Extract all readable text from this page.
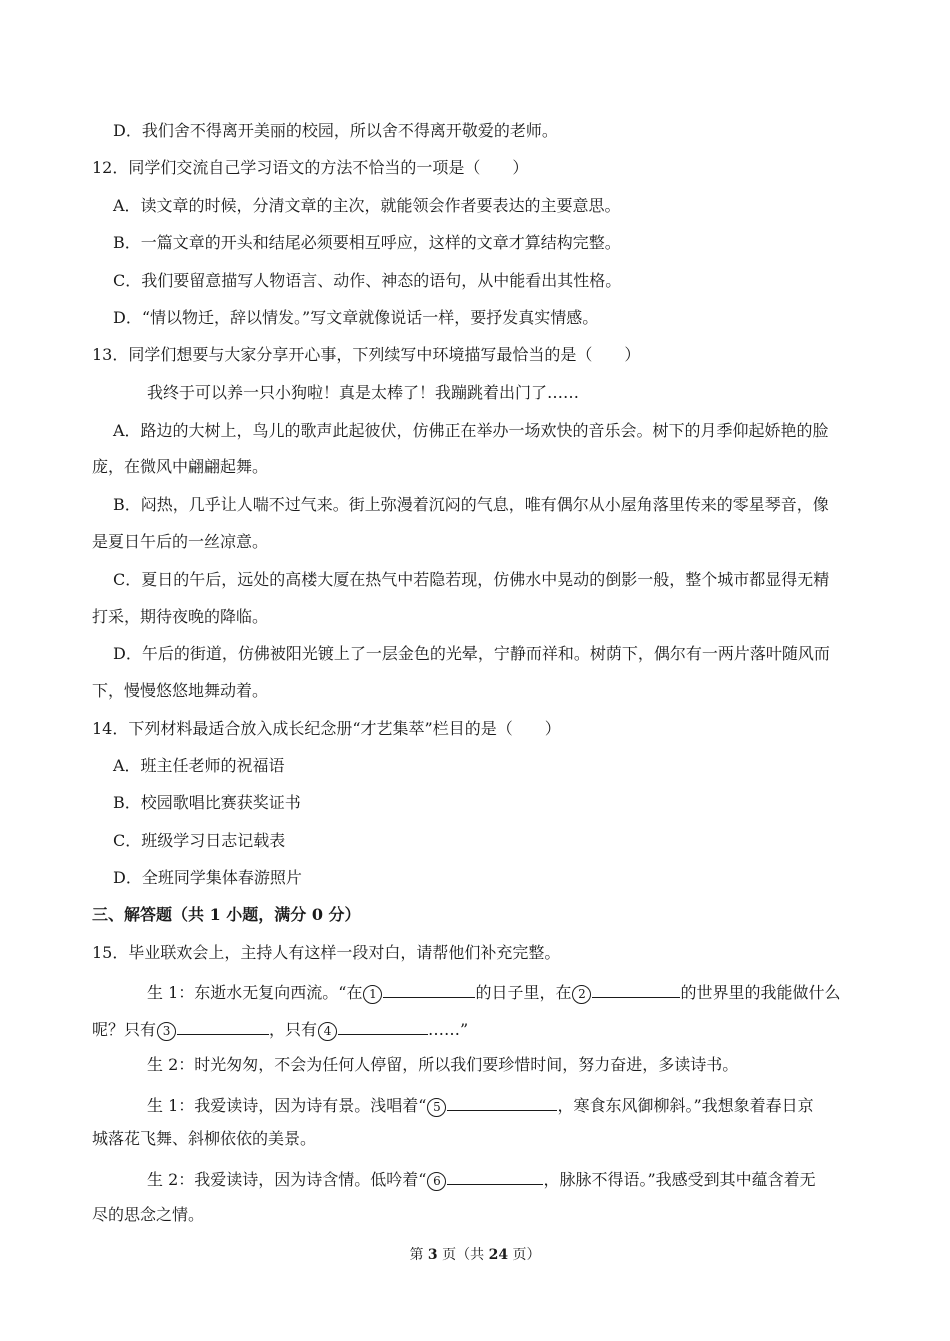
D．我们舍不得离开美丽的校园，所以舍不得离开敬爱的老师。
12．同学们交流自己学习语文的方法不恰当的一项是（　　）
A．读文章的时候，分清文章的主次，就能领会作者要表达的主要意思。
B．一篇文章的开头和结尾必须要相互呼应，这样的文章才算结构完整。
C．我们要留意描写人物语言、动作、神态的语句，从中能看出其性格。
D．“情以物迁，辞以情发。”写文章就像说话一样，要抒发真实情感。
13．同学们想要与大家分享开心事，下列续写中环境描写最恰当的是（　　）
我终于可以养一只小狗啦！真是太棒了！我蹦跳着出门了……
A．路边的大树上，鸟儿的歌声此起彼伏，仿佛正在举办一场欢快的音乐会。树下的月季仰起娇艳的脸
庞，在微风中翩翩起舞。
B．闷热，几乎让人喘不过气来。街上弥漫着沉闷的气息，唯有偶尔从小屋角落里传来的零星琴音，像
是夏日午后的一丝凉意。
C．夏日的午后，远处的高楼大厦在热气中若隐若现，仿佛水中晃动的倒影一般，整个城市都显得无精
打采，期待夜晚的降临。
D．午后的街道，仿佛被阳光镀上了一层金色的光晕，宁静而祥和。树荫下，偶尔有一两片落叶随风而
下，慢慢悠悠地舞动着。
14．下列材料最适合放入成长纪念册“才艺集萃”栏目的是（　　）
A．班主任老师的祝福语
B．校园歌唱比赛获奖证书
C．班级学习日志记载表
D．全班同学集体春游照片
三、解答题（共 1 小题，满分 0 分）
15．毕业联欢会上，主持人有这样一段对白，请帮他们补充完整。
生 1：东逝水无复向西流。“在 1	的日子里，在 2	的世界里的我能做什么
呢？只有 3	，只有 4	……”
生 2：时光匆匆，不会为任何人停留，所以我们要珍惜时间，努力奋进，多读诗书。
生 1：我爱读诗，因为诗有景。浅唱着“ 5	，寒食东风御柳斜。”我想象着春日京
城落花飞舞、斜柳依依的美景。
生 2：我爱读诗，因为诗含情。低吟着“ 6	，脉脉不得语。”我感受到其中蕴含着无
尽的思念之情。
第 3 页（共 24 页）
